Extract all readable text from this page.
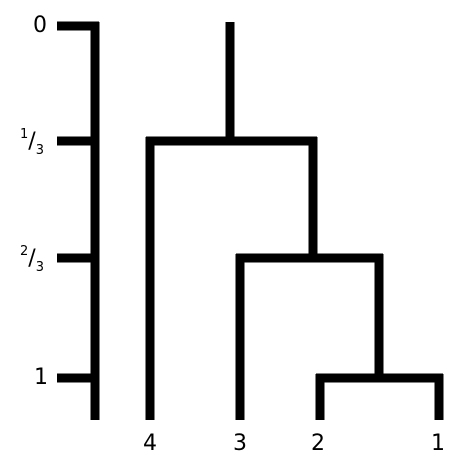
0
$^1/_3$
$^2/_3$
1
4	3	2	1
